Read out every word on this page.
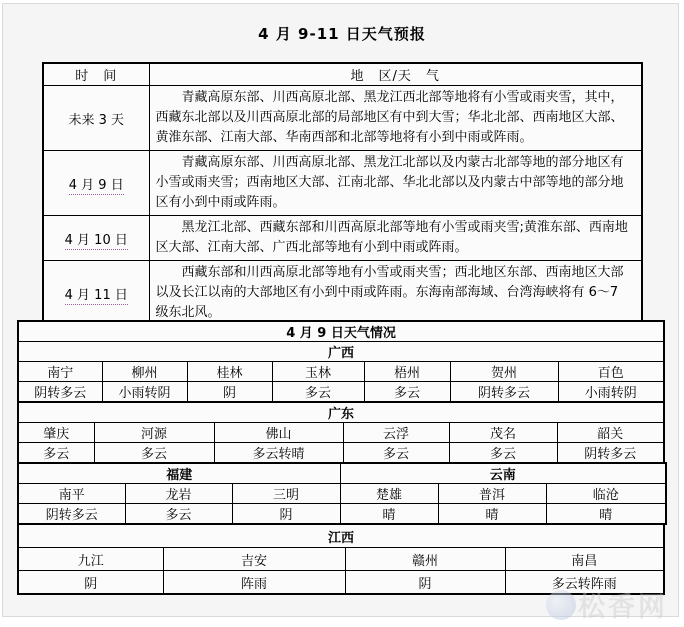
4 月 9-11 日天气预报
时　间	地　区/天　气
未来 3 天	青藏高原东部、川西高原北部、黑龙江西北部等地将有小雪或雨夹雪，其中，西藏东北部以及川西高原北部的局部地区有中到大雪；华北北部、西南地区大部、黄淮东部、江南大部、华南西部和北部等地将有小到中雨或阵雨。

4 月 9 日	青藏高原东部、川西高原北部、黑龙江北部以及内蒙古北部等地的部分地区有小雪或雨夹雪；西南地区大部、江南北部、华北北部以及内蒙古中部等地的部分地区有小到中雨或阵雨。

4 月 10 日	黑龙江北部、西藏东部和川西高原北部等地有小雪或雨夹雪;黄淮东部、西南地区大部、江南大部、广西北部等地有小到中雨或阵雨。

4 月 11 日	西藏东部和川西高原北部等地有小雪或雨夹雪；西北地区东部、西南地区大部以及长江以南的大部地区有小到中雨或阵雨。东海南部海域、台湾海峡将有 6～7 级东北风。

4 月 9 日天气情况						
广西						
南宁	柳州	桂林	玉林	梧州	贺州	百色
阴转多云	小雨转阴	阴	多云	多云	阴转多云	小雨转阴
广东					
肇庆	河源	佛山	云浮	茂名	韶关
多云	多云	多云转晴	多云	多云	阴转多云
福建			云南		
南平	龙岩	三明	楚雄	普洱	临沧
阴转多云	多云	阴	晴	晴	晴
江西			
九江	吉安	赣州	南昌
阴	阵雨	阴	多云转阵雨
松香网
